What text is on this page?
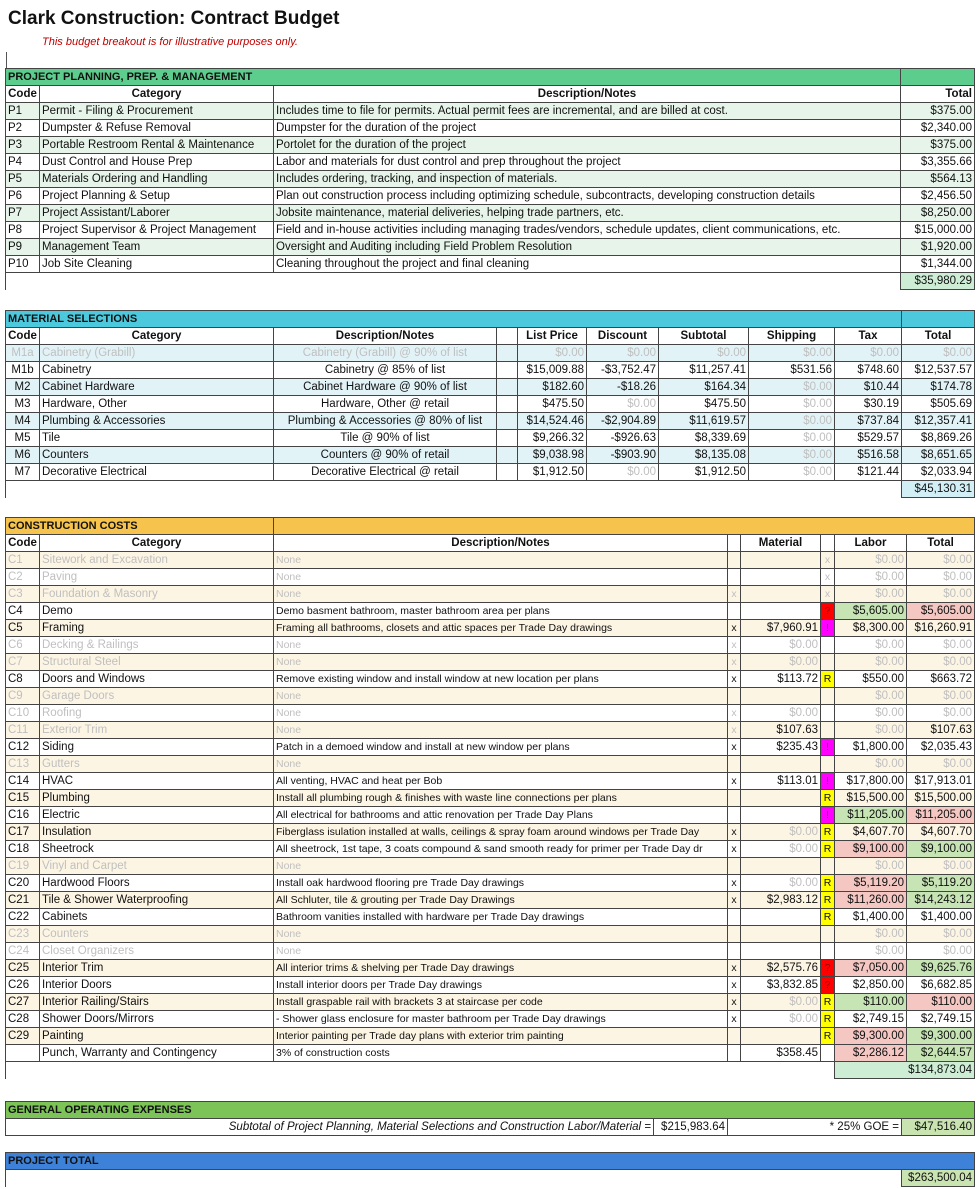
Clark Construction: Contract Budget
This budget breakout is for illustrative purposes only.
PROJECT PLANNING, PREP. & MANAGEMENT			
Code	Category	Description/Notes	Total
P1	Permit - Filing & Procurement	Includes time to file for permits. Actual permit fees are incremental, and are billed at cost.	$375.00
P2	Dumpster & Refuse Removal	Dumpster for the duration of the project	$2,340.00
P3	Portable Restroom Rental & Maintenance	Portolet for the duration of the project	$375.00
P4	Dust Control and House Prep	Labor and materials for dust control and prep throughout the project	$3,355.66
P5	Materials Ordering and Handling	Includes ordering, tracking, and inspection of materials.	$564.13
P6	Project Planning & Setup	Plan out construction process including optimizing schedule, subcontracts, developing construction details	$2,456.50
P7	Project Assistant/Laborer	Jobsite maintenance, material deliveries, helping trade partners, etc.	$8,250.00
P8	Project Supervisor & Project Management	Field and in-house activities including managing trades/vendors, schedule updates, client communications, etc.	$15,000.00
P9	Management Team	Oversight and Auditing including Field Problem Resolution	$1,920.00
P10	Job Site Cleaning	Cleaning throughout the project and final cleaning	$1,344.00
			$35,980.29
MATERIAL SELECTIONS									
Code	Category	Description/Notes		List Price	Discount	Subtotal	Shipping	Tax	Total
M1a	Cabinetry (Grabill)	Cabinetry (Grabill) @ 90% of list		$0.00	$0.00	$0.00	$0.00	$0.00	$0.00
M1b	Cabinetry	Cabinetry @ 85% of list		$15,009.88	-$3,752.47	$11,257.41	$531.56	$748.60	$12,537.57
M2	Cabinet Hardware	Cabinet Hardware @ 90% of list		$182.60	-$18.26	$164.34	$0.00	$10.44	$174.78
M3	Hardware, Other	Hardware, Other @ retail		$475.50	$0.00	$475.50	$0.00	$30.19	$505.69
M4	Plumbing & Accessories	Plumbing & Accessories @ 80% of list		$14,524.46	-$2,904.89	$11,619.57	$0.00	$737.84	$12,357.41
M5	Tile	Tile @ 90% of list		$9,266.32	-$926.63	$8,339.69	$0.00	$529.57	$8,869.26
M6	Counters	Counters @ 90% of retail		$9,038.98	-$903.90	$8,135.08	$0.00	$516.58	$8,651.65
M7	Decorative Electrical	Decorative Electrical @ retail		$1,912.50	$0.00	$1,912.50	$0.00	$121.44	$2,033.94
									$45,130.31
CONSTRUCTION COSTS							
Code	Category	Description/Notes		Material		Labor	Total
C1	Sitework and Excavation	None			x	$0.00	$0.00
C2	Paving	None			x	$0.00	$0.00
C3	Foundation & Masonry	None	x		x	$0.00	$0.00
C4	Demo	Demo basment bathroom, master bathroom area per plans			?	$5,605.00	$5,605.00
C5	Framing	Framing all bathrooms, closets and attic spaces per Trade Day drawings	x	$7,960.91	!	$8,300.00	$16,260.91
C6	Decking & Railings	None	x	$0.00		$0.00	$0.00
C7	Structural Steel	None	x	$0.00		$0.00	$0.00
C8	Doors and Windows	Remove existing window and install window at new location per plans	x	$113.72	R	$550.00	$663.72
C9	Garage Doors	None				$0.00	$0.00
C10	Roofing	None	x	$0.00		$0.00	$0.00
C11	Exterior Trim	None	x	$107.63		$0.00	$107.63
C12	Siding	Patch in a demoed window and install at new window per plans	x	$235.43	!	$1,800.00	$2,035.43
C13	Gutters	None				$0.00	$0.00
C14	HVAC	All venting, HVAC and heat per Bob	x	$113.01	!	$17,800.00	$17,913.01
C15	Plumbing	Install all plumbing rough & finishes with waste line connections per plans			R	$15,500.00	$15,500.00
C16	Electric	All electrical for bathrooms and attic renovation per Trade Day Plans			!	$11,205.00	$11,205.00
C17	Insulation	Fiberglass isulation installed at walls, ceilings & spray foam around windows per Trade Day	x	$0.00	R	$4,607.70	$4,607.70
C18	Sheetrock	All sheetrock, 1st tape, 3 coats compound & sand smooth ready for primer per Trade Day dr	x	$0.00	R	$9,100.00	$9,100.00
C19	Vinyl and Carpet	None				$0.00	$0.00
C20	Hardwood Floors	Install oak hardwood flooring pre Trade Day drawings	x	$0.00	R	$5,119.20	$5,119.20
C21	Tile & Shower Waterproofing	All Schluter, tile & grouting per Trade Day Drawings	x	$2,983.12	R	$11,260.00	$14,243.12
C22	Cabinets	Bathroom vanities installed with hardware per Trade Day drawings			R	$1,400.00	$1,400.00
C23	Counters	None				$0.00	$0.00
C24	Closet Organizers	None				$0.00	$0.00
C25	Interior Trim	All interior trims & shelving per Trade Day drawings	x	$2,575.76	?	$7,050.00	$9,625.76
C26	Interior Doors	Install interior doors per Trade Day drawings	x	$3,832.85	?	$2,850.00	$6,682.85
C27	Interior Railing/Stairs	Install graspable rail with brackets 3 at staircase per code	x	$0.00	R	$110.00	$110.00
C28	Shower Doors/Mirrors	- Shower glass enclosure for master bathroom per Trade Day drawings	x	$0.00	R	$2,749.15	$2,749.15
C29	Painting	Interior painting per Trade day plans with exterior trim painting			R	$9,300.00	$9,300.00
	Punch, Warranty and Contingency	3% of construction costs		$358.45		$2,286.12	$2,644.57
						$134,873.04	
GENERAL OPERATING EXPENSES
Subtotal of Project Planning, Material Selections and Construction Labor/Material =	$215,983.64	* 25% GOE =	$47,516.40
PROJECT TOTAL
	$263,500.04
